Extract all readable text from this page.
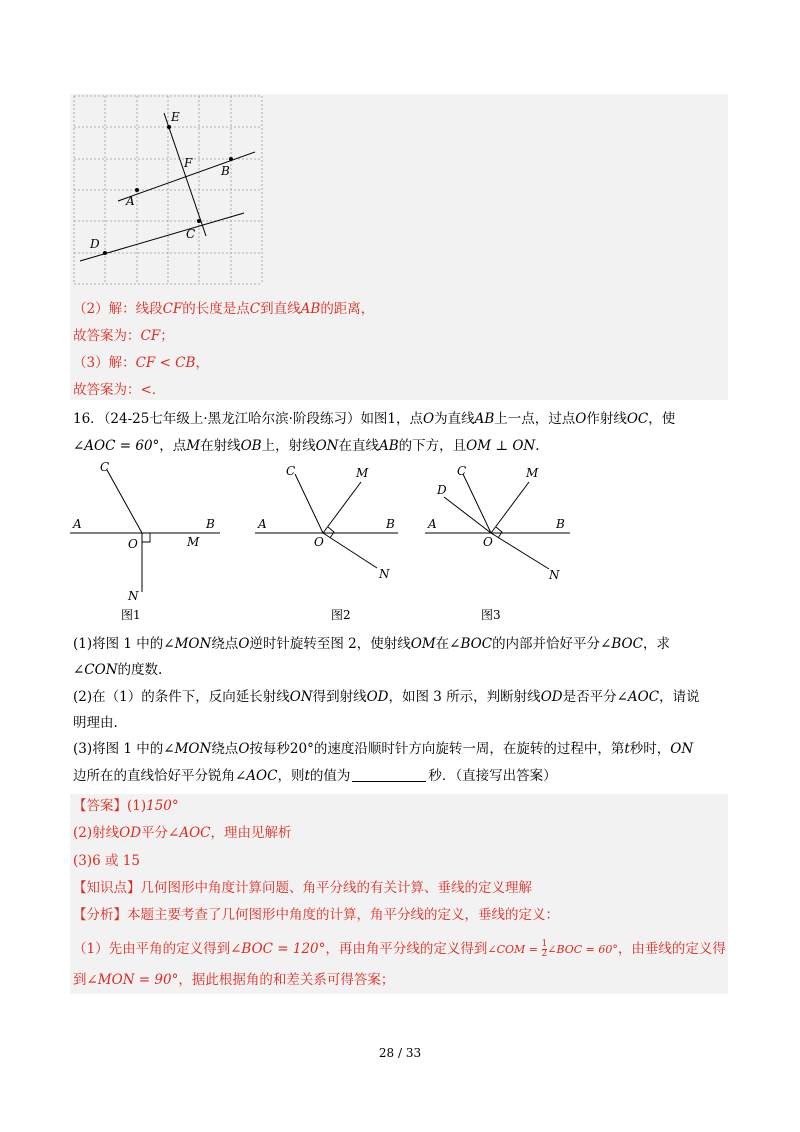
E
F
B
A
C
D
（2）解：线段CF的长度是点C到直线AB的距离，
故答案为：CF；
（3）解：CF < CB，
故答案为：<．
16．（24-25七年级上·黑龙江哈尔滨·阶段练习）如图1，点O为直线AB上一点，过点O作射线OC，使
∠AOC = 60°，点M在射线OB上，射线ON在直线AB的下方，且OM ⊥ ON.
C
A	B
O	M
N
图1
C	M
A	B
O
N
图2
C	M
D
A	B
O
N
图3
(1)将图 1 中的∠MON绕点O逆时针旋转至图 2，使射线OM在∠BOC的内部并恰好平分∠BOC，求
∠CON的度数.
(2)在（1）的条件下，反向延长射线ON得到射线OD，如图 3 所示，判断射线OD是否平分∠AOC，请说
明理由.
(3)将图 1 中的∠MON绕点O按每秒20°的速度沿顺时针方向旋转一周，在旋转的过程中，第t秒时，ON
边所在的直线恰好平分锐角∠AOC，则t的值为	秒．（直接写出答案）
【答案】(1)150°
(2)射线OD平分∠AOC，理由见解析
(3)6 或 15
【知识点】几何图形中角度计算问题、角平分线的有关计算、垂线的定义理解
【分析】本题主要考查了几何图形中角度的计算，角平分线的定义，垂线的定义：
（1）先由平角的定义得到∠BOC = 120°，再由角平分线的定义得到∠COM = $\frac{1}{2}$ ∠BOC = 60°，由垂线的定义得
到∠MON = 90°，据此根据角的和差关系可得答案；
28 / 33
